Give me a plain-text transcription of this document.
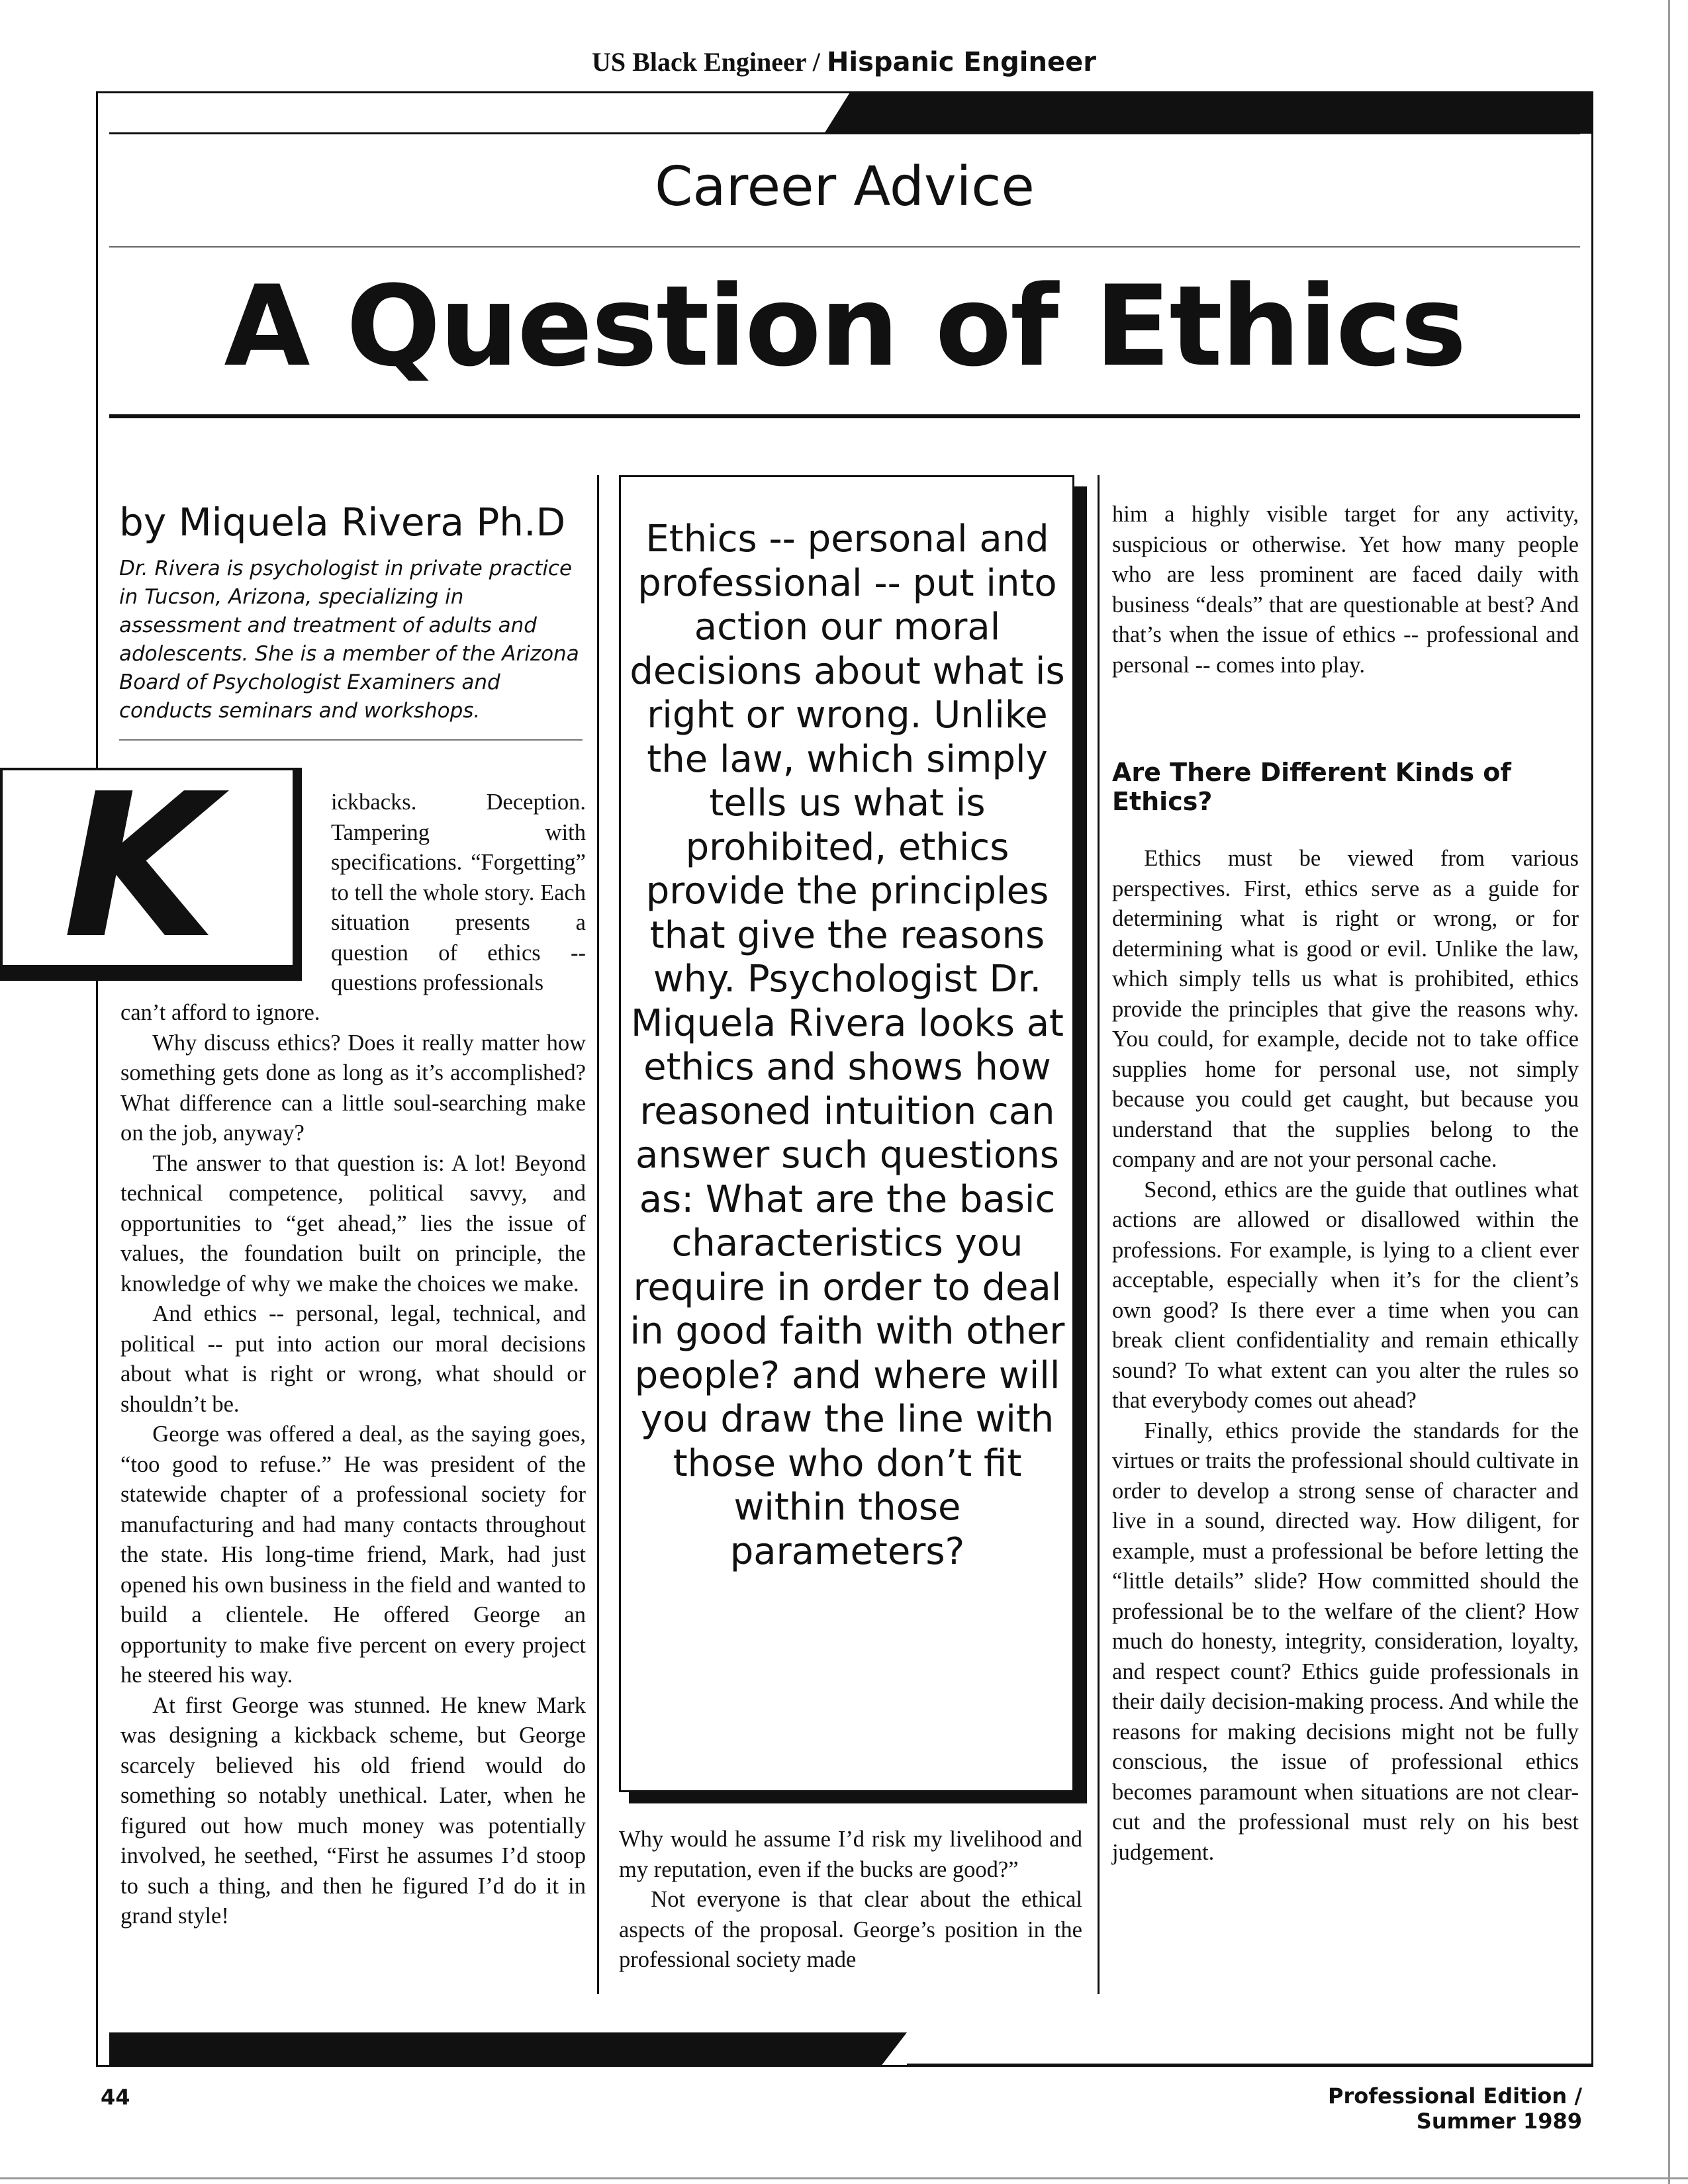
US Black Engineer / Hispanic Engineer
Career Advice
A Question of Ethics
by Miquela Rivera Ph.D
Dr. Rivera is psychologist in private practice in Tucson, Arizona, specializing in assessment and treatment of adults and adolescents. She is a member of the Arizona Board of Psychologist Examiners and conducts seminars and workshops.
K	ickbacks. Deception. Tampering with specifications. “Forgetting” to tell the whole story. Each situation presents a question of ethics -- questions professionals

can’t afford to ignore.

Why discuss ethics? Does it really matter how something gets done as long as it’s accomplished? What difference can a little soul-searching make on the job, anyway?

The answer to that question is: A lot! Beyond technical competence, political savvy, and opportunities to “get ahead,” lies the issue of values, the foundation built on principle, the knowledge of why we make the choices we make.

And ethics -- personal, legal, technical, and political -- put into action our moral decisions about what is right or wrong, what should or shouldn’t be.

George was offered a deal, as the saying goes, “too good to refuse.” He was president of the statewide chapter of a professional society for manufacturing and had many contacts throughout the state. His long-time friend, Mark, had just opened his own business in the field and wanted to build a clientele. He offered George an opportunity to make five percent on every project he steered his way.

At first George was stunned. He knew Mark was designing a kickback scheme, but George scarcely believed his old friend would do something so notably unethical. Later, when he figured out how much money was potentially involved, he seethed, “First he assumes I’d stoop to such a thing, and then he figured I’d do it in grand style!

Ethics -- personal and professional -- put into action our moral decisions about what is right or wrong. Unlike the law, which simply tells us what is prohibited, ethics provide the principles that give the reasons why. Psychologist Dr. Miquela Rivera looks at ethics and shows how reasoned intuition can answer such questions as: What are the basic characteristics you require in order to deal in good faith with other people? and where will you draw the line with those who don’t fit within those parameters?

Why would he assume I’d risk my livelihood and my reputation, even if the bucks are good?”

Not everyone is that clear about the ethical aspects of the proposal. George’s position in the professional society made

him a highly visible target for any activity, suspicious or otherwise. Yet how many people who are less prominent are faced daily with business “deals” that are questionable at best? And that’s when the issue of ethics -- professional and personal -- comes into play.

Are There Different Kinds of Ethics?

Ethics must be viewed from various perspectives. First, ethics serve as a guide for determining what is right or wrong, or for determining what is good or evil. Unlike the law, which simply tells us what is prohibited, ethics provide the principles that give the reasons why. You could, for example, decide not to take office supplies home for personal use, not simply because you could get caught, but because you understand that the supplies belong to the company and are not your personal cache.

Second, ethics are the guide that outlines what actions are allowed or disallowed within the professions. For example, is lying to a client ever acceptable, especially when it’s for the client’s own good? Is there ever a time when you can break client confidentiality and remain ethically sound? To what extent can you alter the rules so that everybody comes out ahead?

Finally, ethics provide the standards for the virtues or traits the professional should cultivate in order to develop a strong sense of character and live in a sound, directed way. How diligent, for example, must a professional be before letting the “little details” slide? How committed should the professional be to the welfare of the client? How much do honesty, integrity, consideration, loyalty, and respect count? Ethics guide professionals in their daily decision-making process. And while the reasons for making decisions might not be fully conscious, the issue of professional ethics becomes paramount when situations are not clear-cut and the professional must rely on his best judgement.

44	Professional Edition / Summer 1989
